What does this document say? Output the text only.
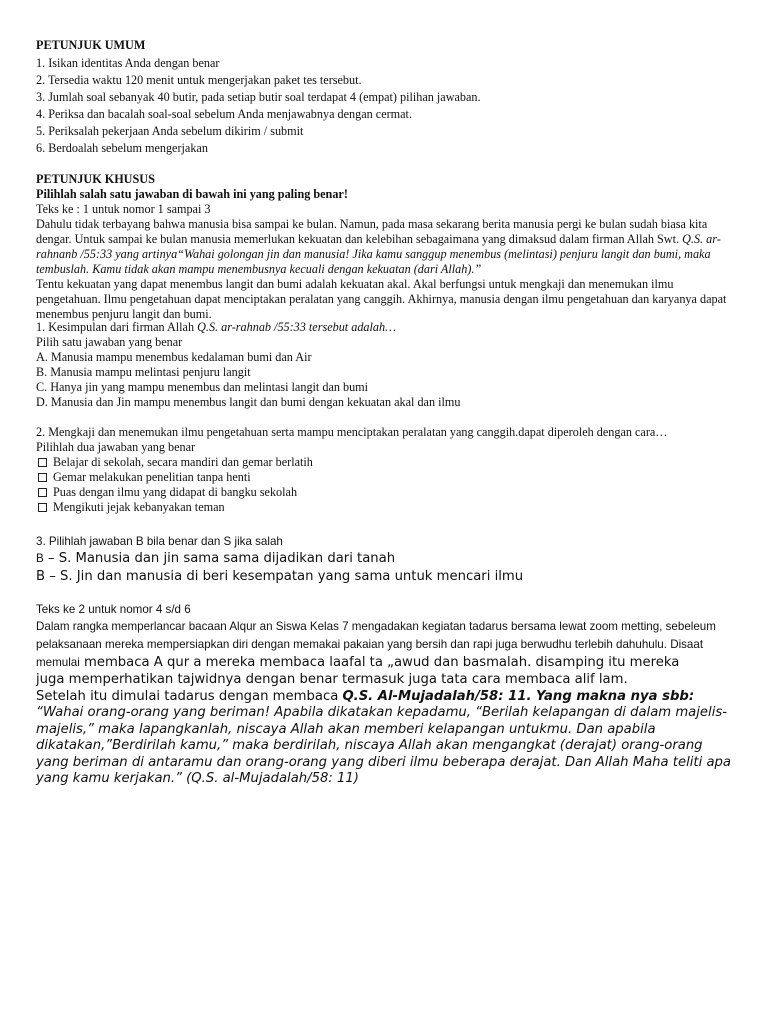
PETUNJUK UMUM
1. Isikan identitas Anda dengan benar
2. Tersedia waktu 120 menit untuk mengerjakan paket tes tersebut.
3. Jumlah soal sebanyak 40 butir, pada setiap butir soal terdapat 4 (empat) pilihan jawaban.
4. Periksa dan bacalah soal-soal sebelum Anda menjawabnya dengan cermat.
5. Periksalah pekerjaan Anda sebelum dikirim / submit
6. Berdoalah sebelum mengerjakan
PETUNJUK KHUSUS
Pilihlah salah satu jawaban di bawah ini yang paling benar!
Teks ke : 1 untuk nomor 1 sampai 3
Dahulu tidak terbayang bahwa manusia bisa sampai ke bulan. Namun, pada masa sekarang berita manusia pergi ke bulan sudah biasa kita dengar. Untuk sampai ke bulan manusia memerlukan kekuatan dan kelebihan sebagaimana yang dimaksud dalam firman Allah Swt. Q.S. ar-rahnanb /55:33 yang artinya“Wahai golongan jin dan manusia! Jika kamu sanggup menembus (melintasi) penjuru langit dan bumi, maka tembuslah. Kamu tidak akan mampu menembusnya kecuali dengan kekuatan (dari Allah).”
Tentu kekuatan yang dapat menembus langit dan bumi adalah kekuatan akal. Akal berfungsi untuk mengkaji dan menemukan ilmu pengetahuan. Ilmu pengetahuan dapat menciptakan peralatan yang canggih. Akhirnya, manusia dengan ilmu pengetahuan dan karyanya dapat menembus penjuru langit dan bumi.
1. Kesimpulan dari firman Allah Q.S. ar-rahnab /55:33 tersebut adalah…
Pilih satu jawaban yang benar
A. Manusia mampu menembus kedalaman bumi dan Air
B. Manusia mampu melintasi penjuru langit
C. Hanya jin yang mampu menembus dan melintasi langit dan bumi
D. Manusia dan Jin mampu menembus langit dan bumi dengan kekuatan akal dan ilmu
2. Mengkaji dan menemukan ilmu pengetahuan serta mampu menciptakan peralatan yang canggih.dapat diperoleh dengan cara…
Pilihlah dua jawaban yang benar
Belajar di sekolah, secara mandiri dan gemar berlatih
Gemar melakukan penelitian tanpa henti
Puas dengan ilmu yang didapat di bangku sekolah
Mengikuti jejak kebanyakan teman
3. Pilihlah jawaban B bila benar dan S jika salah
B – S. Manusia dan jin sama sama dijadikan dari tanah
B – S. Jin dan manusia di beri kesempatan yang sama untuk mencari ilmu
Teks ke 2 untuk nomor 4 s/d 6
Dalam rangka memperlancar bacaan Alqur an Siswa Kelas 7 mengadakan kegiatan tadarus bersama lewat zoom metting, sebeleum pelaksanaan mereka mempersiapkan diri dengan memakai pakaian yang bersih dan rapi juga berwudhu terlebih dahuhulu. Disaat memulai membaca A qur a mereka membaca laafal ta „awud dan basmalah. disamping itu mereka
juga memperhatikan tajwidnya dengan benar termasuk juga tata cara membaca alif lam.
Setelah itu dimulai tadarus dengan membaca Q.S. Al-Mujadalah/58: 11. Yang makna nya sbb:
“Wahai orang-orang yang beriman! Apabila dikatakan kepadamu, “Berilah kelapangan di dalam majelis-majelis,” maka lapangkanlah, niscaya Allah akan memberi kelapangan untukmu. Dan apabila dikatakan,”Berdirilah kamu,” maka berdirilah, niscaya Allah akan mengangkat (derajat) orang-orang yang beriman di antaramu dan orang-orang yang diberi ilmu beberapa derajat. Dan Allah Maha teliti apa yang kamu kerjakan.” (Q.S. al-Mujadalah/58: 11)
